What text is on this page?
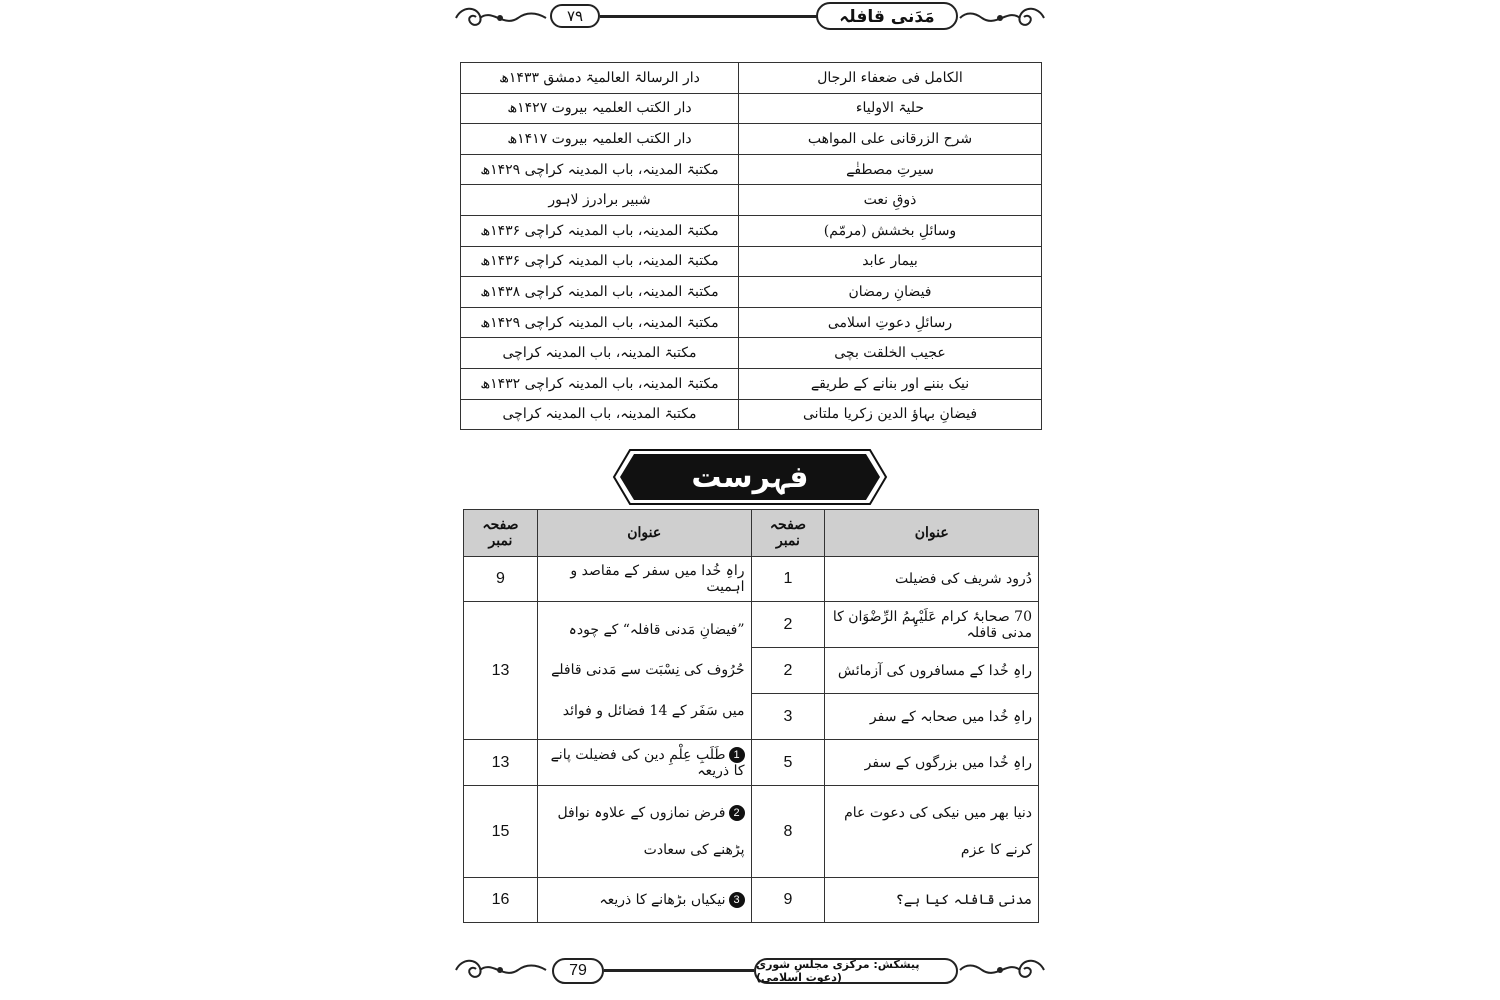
۷۹	مَدَنی قافلہ
الکامل فی ضعفاء الرجال	دار الرسالۃ العالمیۃ دمشق ۱۴۳۳ھ
حلیۃ الاولیاء	دار الکتب العلمیہ بیروت ۱۴۲۷ھ
شرح الزرقانی علی المواھب	دار الکتب العلمیہ بیروت ۱۴۱۷ھ
سیرتِ مصطفٰے	مکتبۃ المدینہ، باب المدینہ کراچی ۱۴۲۹ھ
ذوقِ نعت	شبیر برادرز لاہور
وسائلِ بخشش (مرمّم)	مکتبۃ المدینہ، باب المدینہ کراچی ۱۴۳۶ھ
بیمار عابد	مکتبۃ المدینہ، باب المدینہ کراچی ۱۴۳۶ھ
فیضانِ رمضان	مکتبۃ المدینہ، باب المدینہ کراچی ۱۴۳۸ھ
رسائلِ دعوتِ اسلامی	مکتبۃ المدینہ، باب المدینہ کراچی ۱۴۲۹ھ
عجیب الخلقت بچی	مکتبۃ المدینہ، باب المدینہ کراچی
نیک بننے اور بنانے کے طریقے	مکتبۃ المدینہ، باب المدینہ کراچی ۱۴۳۲ھ
فیضانِ بہاؤ الدین زکریا ملتانی	مکتبۃ المدینہ، باب المدینہ کراچی
فہرست
عنوان	صفحہ نمبر	عنوان	صفحہ نمبر
دُرود شریف کی فضیلت	1	راہِ خُدا میں سفر کے مقاصد و اہمیت	9
70 صحابۂ کرام عَلَیْہِمُ الرِّضْوَان کا مدنی قافلہ	2	”فیضانِ مَدنی قافلہ“ کے چودہ حُرُوف کی نِسْبَت سے مَدنی قافلے میں سَفَر کے 14 فضائل و فوائد	13
راہِ خُدا کے مسافروں کی آزمائش	2		
راہِ خُدا میں صحابہ کے سفر	3		
راہِ خُدا میں بزرگوں کے سفر	5	1طَلَبِ عِلْمِ دین کی فضیلت پانے کا ذریعہ	13
دنیا بھر میں نیکی کی دعوت عام کرنے کا عزم	8	2فرض نمازوں کے علاوہ نوافل پڑھنے کی سعادت	15
مدنی قافلہ کیا ہے؟	9	3نیکیاں بڑھانے کا ذریعہ	16
79	پیشکش: مرکزی مجلسِ شوریٰ (دعوتِ اسلامی)
